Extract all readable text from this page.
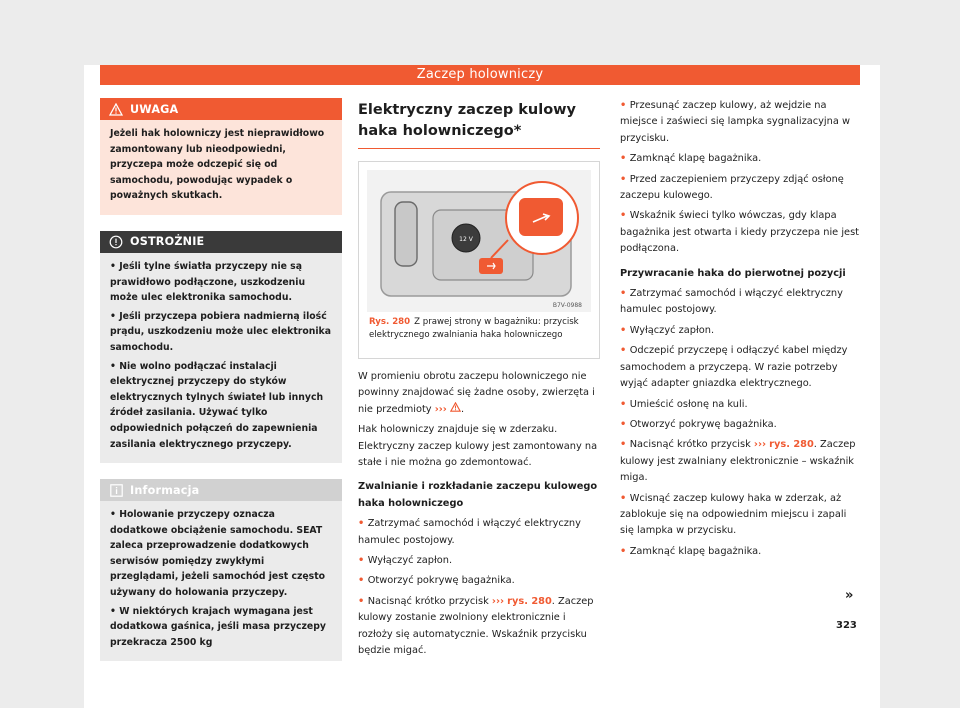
Zaczep holowniczy
UWAGA

Jeżeli hak holowniczy jest nieprawidłowo zamontowany lub nieodpowiedni, przyczepa może odczepić się od samochodu, powodując wypadek o poważnych skutkach.

OSTROŻNIE

• Jeśli tylne światła przyczepy nie są prawidłowo podłączone, uszkodzeniu może ulec elektronika samochodu.

• Jeśli przyczepa pobiera nadmierną ilość prądu, uszkodzeniu może ulec elektronika samochodu.

• Nie wolno podłączać instalacji elektrycznej przyczepy do styków elektrycznych tylnych świateł lub innych źródeł zasilania. Używać tylko odpowiednich połączeń do zapewnienia zasilania elektrycznego przyczepy.

Informacja

• Holowanie przyczepy oznacza dodatkowe obciążenie samochodu. SEAT zaleca przeprowadzenie dodatkowych serwisów pomiędzy zwykłymi przeglądami, jeżeli samochód jest często używany do holowania przyczepy.

• W niektórych krajach wymagana jest dodatkowa gaśnica, jeśli masa przyczepy przekracza 2500 kg

Elektryczny zaczep kulowy haka holowniczego*
12 V
B7V-0988
Rys. 280 Z prawej strony w bagażniku: przycisk elektrycznego zwalniania haka holowniczego

W promieniu obrotu zaczepu holowniczego nie powinny znajdować się żadne osoby, zwierzęta i nie przedmioty ››› .

Hak holowniczy znajduje się w zderzaku. Elektryczny zaczep kulowy jest zamontowany na stałe i nie można go zdemontować.

Zwalnianie i rozkładanie zaczepu kulowego haka holowniczego

• Zatrzymać samochód i włączyć elektryczny hamulec postojowy.

• Wyłączyć zapłon.

• Otworzyć pokrywę bagażnika.

• Nacisnąć krótko przycisk ››› rys. 280. Zaczep kulowy zostanie zwolniony elektronicznie i rozłoży się automatycznie. Wskaźnik przycisku będzie migać.

• Przesunąć zaczep kulowy, aż wejdzie na miejsce i zaświeci się lampka sygnalizacyjna w przycisku.

• Zamknąć klapę bagażnika.

• Przed zaczepieniem przyczepy zdjąć osłonę zaczepu kulowego.

• Wskaźnik świeci tylko wówczas, gdy klapa bagażnika jest otwarta i kiedy przyczepa nie jest podłączona.

Przywracanie haka do pierwotnej pozycji

• Zatrzymać samochód i włączyć elektryczny hamulec postojowy.

• Wyłączyć zapłon.

• Odczepić przyczepę i odłączyć kabel między samochodem a przyczepą. W razie potrzeby wyjąć adapter gniazdka elektrycznego.

• Umieścić osłonę na kuli.

• Otworzyć pokrywę bagażnika.

• Nacisnąć krótko przycisk ››› rys. 280. Zaczep kulowy jest zwalniany elektronicznie – wskaźnik miga.

• Wcisnąć zaczep kulowy haka w zderzak, aż zablokuje się na odpowiednim miejscu i zapali się lampka w przycisku.

• Zamknąć klapę bagażnika.

»
323
